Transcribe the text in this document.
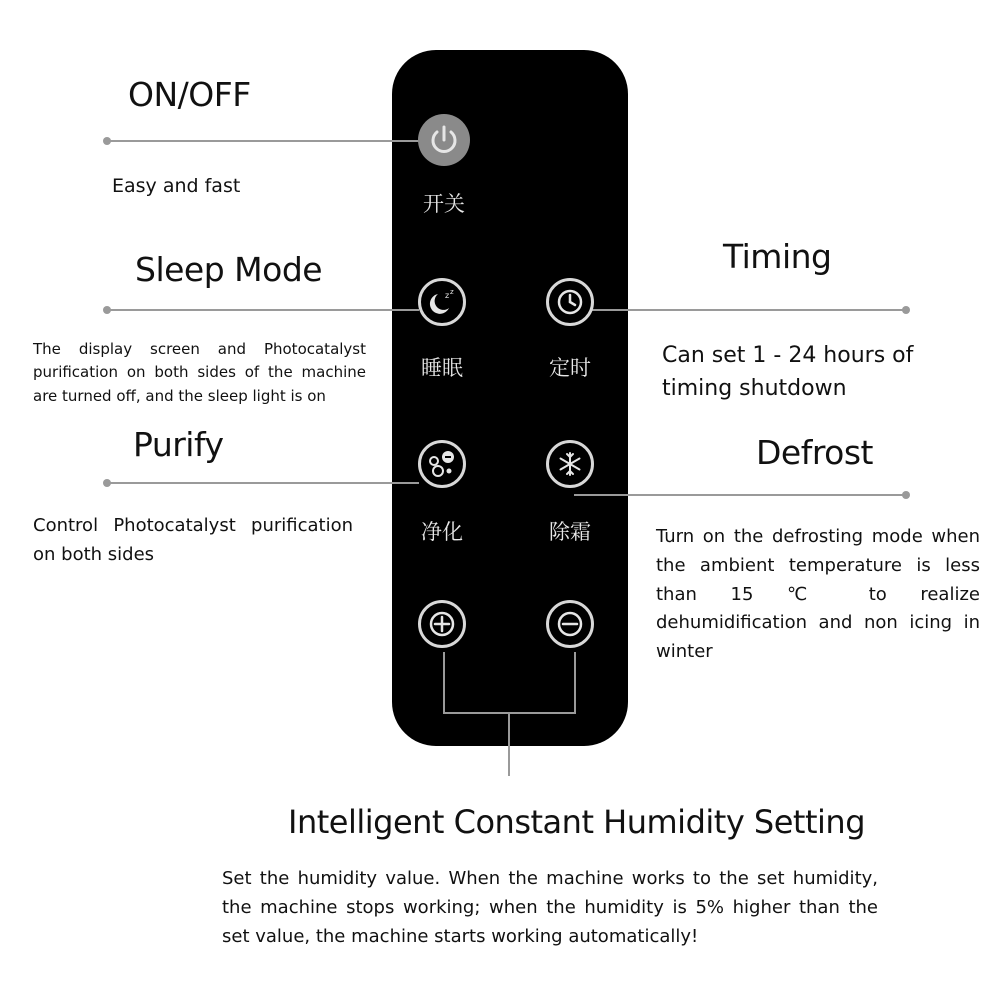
ON/OFF
Easy and fast
开关
Sleep Mode
The display screen and Photocatalyst purification on both sides of the machine are turned off, and the sleep light is on
z z
睡眠
Timing
Can set 1 - 24 hours of timing shutdown
定时
Purify
Control Photocatalyst purification on both sides
净化
Defrost
Turn on the defrosting mode when the ambient temperature is less than 15 ℃ to realize dehumidification and non icing in winter
除霜
Intelligent Constant Humidity Setting
Set the humidity value. When the machine works to the set humidity, the machine stops working; when the humidity is 5% higher than the set value, the machine starts working automatically!
